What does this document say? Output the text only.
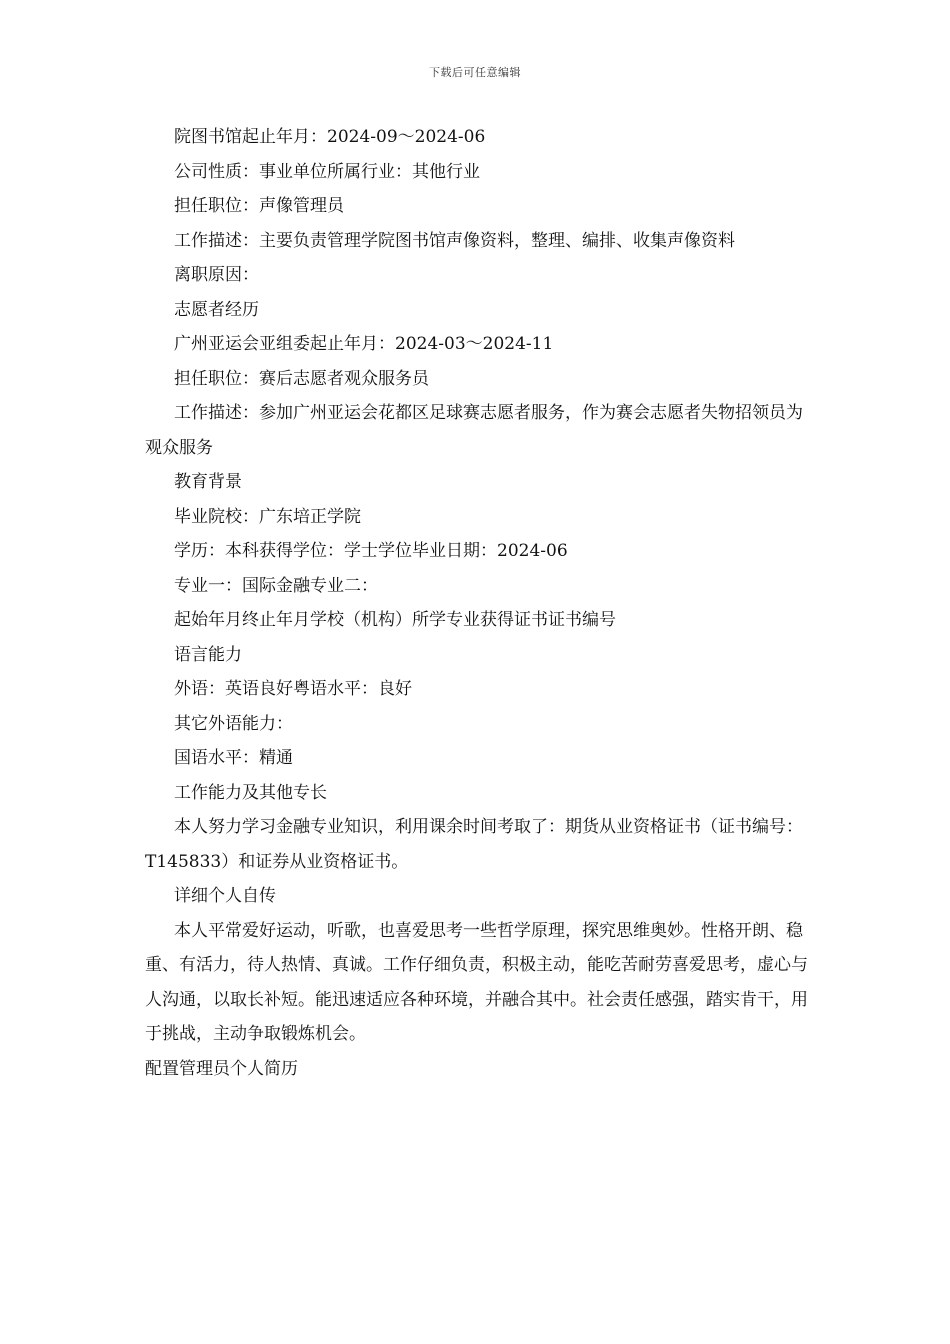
下载后可任意编辑

院图书馆起止年月：2024-09～2024-06

公司性质：事业单位所属行业：其他行业

担任职位：声像管理员

工作描述：主要负责管理学院图书馆声像资料，整理、编排、收集声像资料

离职原因：

志愿者经历

广州亚运会亚组委起止年月：2024-03～2024-11

担任职位：赛后志愿者观众服务员

工作描述：参加广州亚运会花都区足球赛志愿者服务，作为赛会志愿者失物招领员为观众服务

教育背景

毕业院校：广东培正学院

学历：本科获得学位：学士学位毕业日期：2024-06

专业一：国际金融专业二：

起始年月终止年月学校（机构）所学专业获得证书证书编号

语言能力

外语：英语良好粤语水平：良好

其它外语能力：

国语水平：精通

工作能力及其他专长

本人努力学习金融专业知识，利用课余时间考取了：期货从业资格证书（证书编号：T145833）和证券从业资格证书。

详细个人自传

本人平常爱好运动，听歌，也喜爱思考一些哲学原理，探究思维奥妙。性格开朗、稳重、有活力，待人热情、真诚。工作仔细负责，积极主动，能吃苦耐劳喜爱思考，虚心与人沟通，以取长补短。能迅速适应各种环境，并融合其中。社会责任感强，踏实肯干，用于挑战，主动争取锻炼机会。

配置管理员个人简历
